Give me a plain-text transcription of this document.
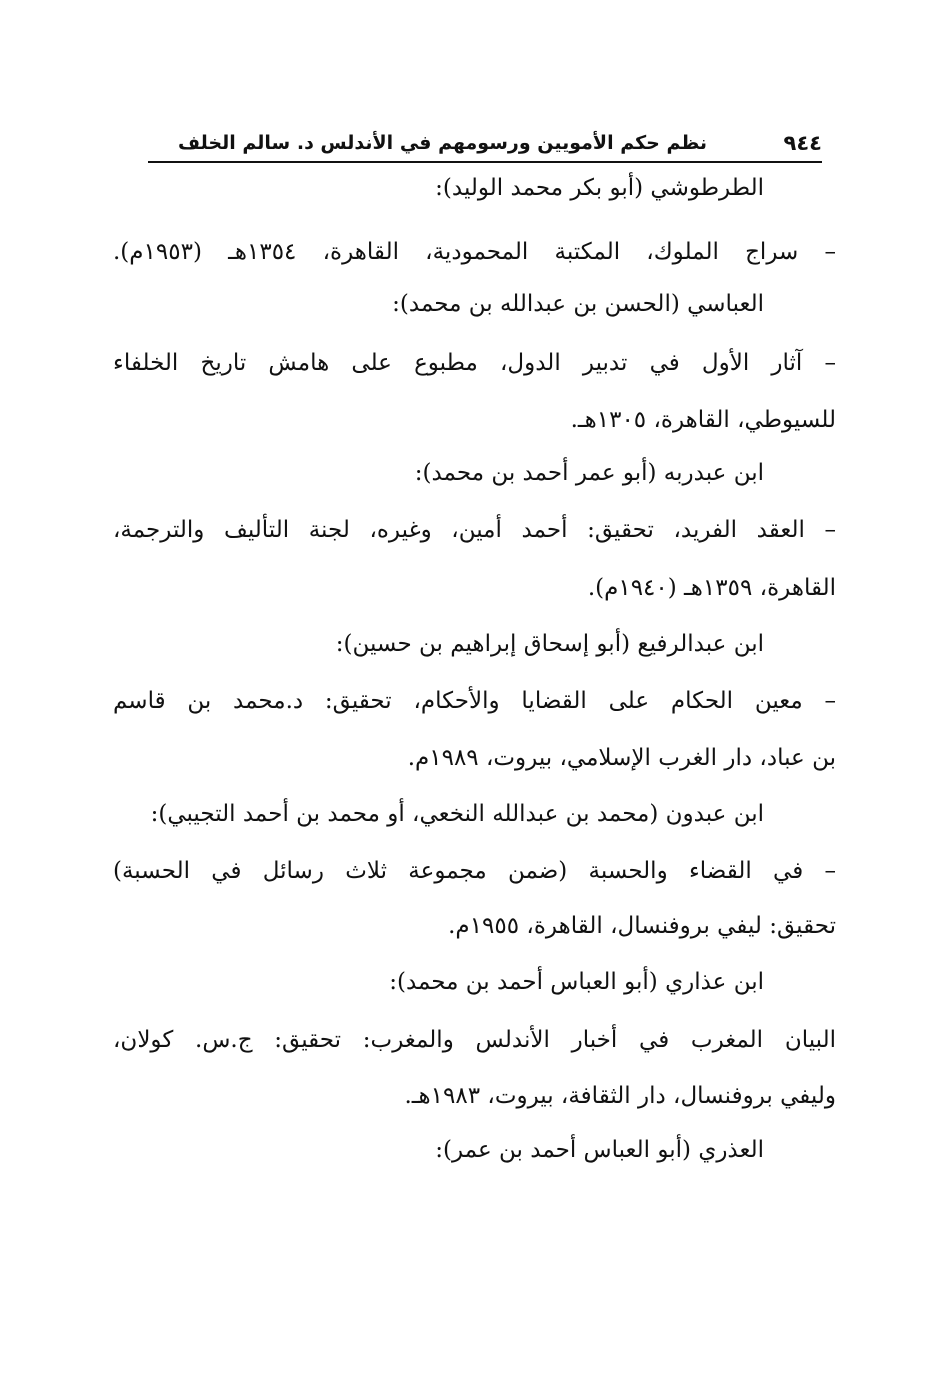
٩٤٤
نظم حكم الأمويين ورسومهم في الأندلس د. سالم الخلف
الطرطوشي (أبو بكر محمد الوليد):
– سراج الملوك، المكتبة المحمودية، القاهرة، ١٣٥٤هـ (١٩٥٣م).
العباسي (الحسن بن عبدالله بن محمد):
– آثار الأول في تدبير الدول، مطبوع على هامش تاريخ الخلفاء
للسيوطي، القاهرة، ١٣٠٥هـ.
ابن عبدربه (أبو عمر أحمد بن محمد):
– العقد الفريد، تحقيق: أحمد أمين، وغيره، لجنة التأليف والترجمة،
القاهرة، ١٣٥٩هـ (١٩٤٠م).
ابن عبدالرفيع (أبو إسحاق إبراهيم بن حسين):
– معين الحكام على القضايا والأحكام، تحقيق: د.محمد بن قاسم
بن عباد، دار الغرب الإسلامي، بيروت، ١٩٨٩م.
ابن عبدون (محمد بن عبدالله النخعي، أو محمد بن أحمد التجيبي):
– في القضاء والحسبة (ضمن مجموعة ثلاث رسائل في الحسبة)
تحقيق: ليفي بروفنسال، القاهرة، ١٩٥٥م.
ابن عذاري (أبو العباس أحمد بن محمد):
البيان المغرب في أخبار الأندلس والمغرب: تحقيق: ج.س. كولان،
وليفي بروفنسال، دار الثقافة، بيروت، ١٩٨٣هـ.
العذري (أبو العباس أحمد بن عمر):
